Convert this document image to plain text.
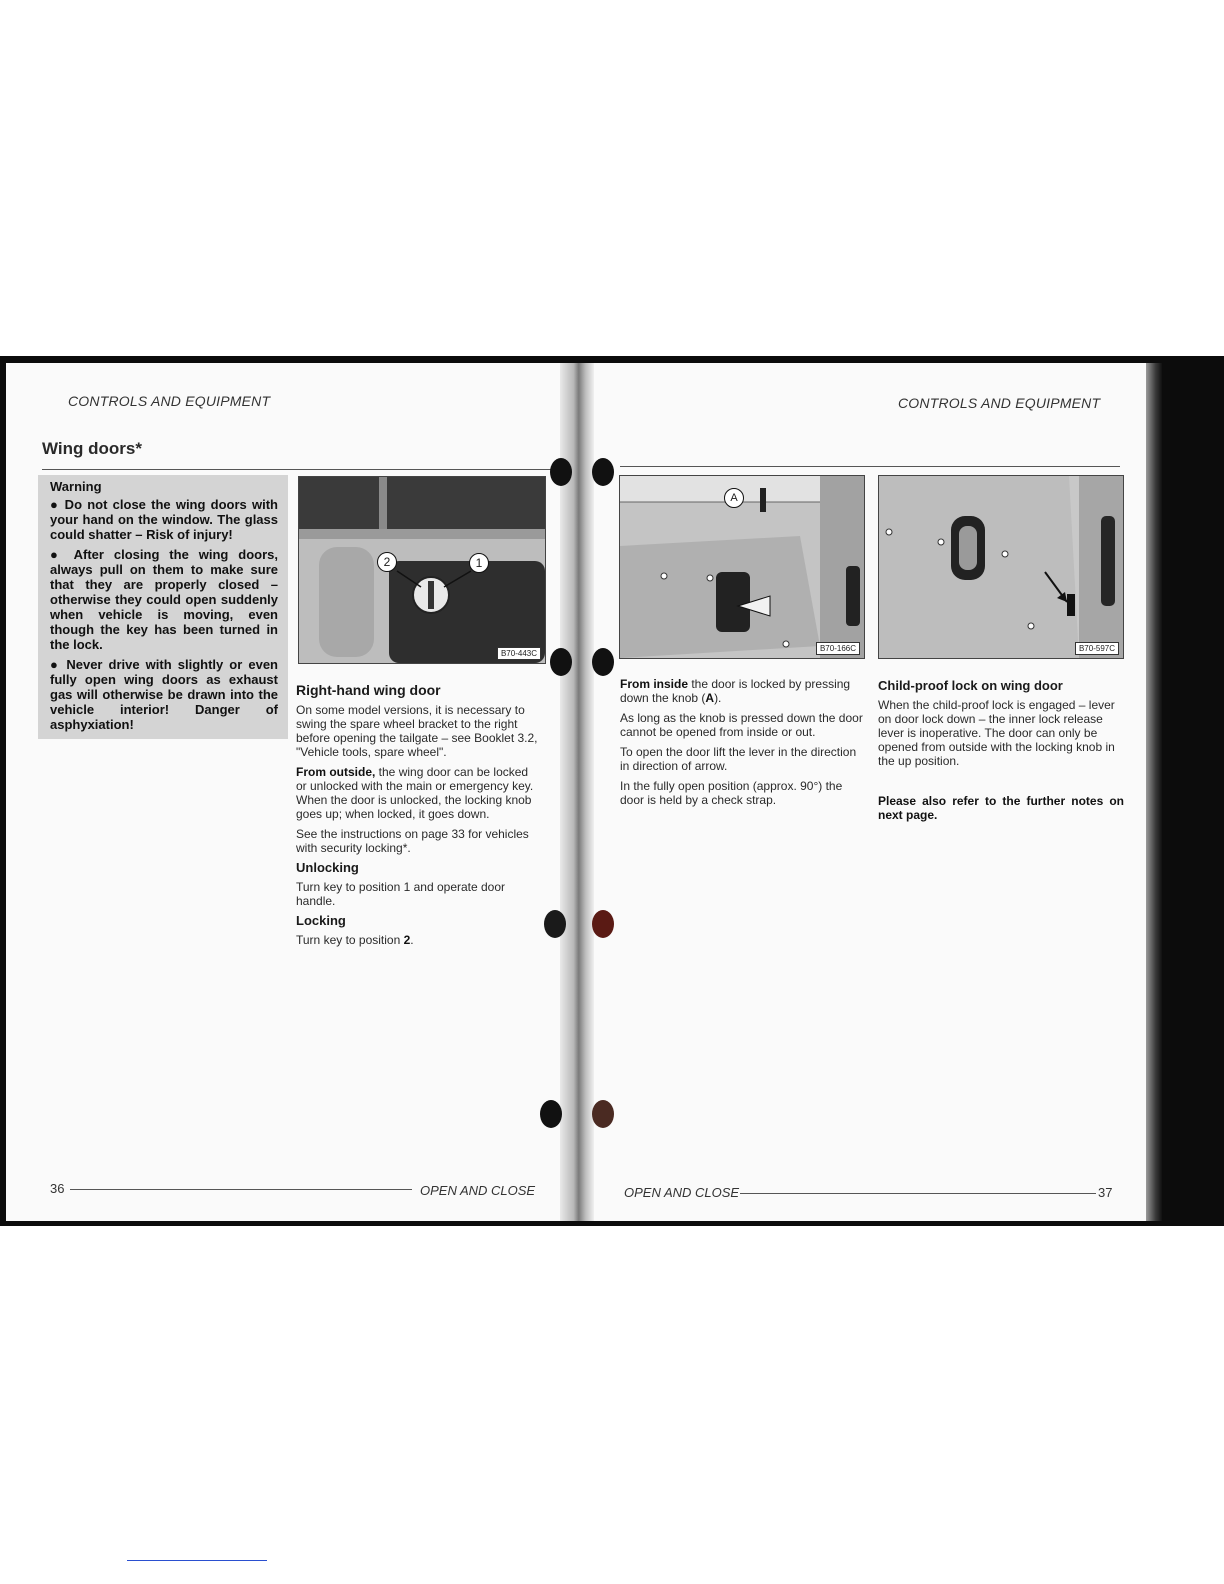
CONTROLS AND EQUIPMENT
Wing doors*
Warning

● Do not close the wing doors with your hand on the window. The glass could shatter – Risk of injury!

● After closing the wing doors, always pull on them to make sure that they are properly closed – otherwise they could open suddenly when vehicle is moving, even though the key has been turned in the lock.

● Never drive with slightly or even fully open wing doors as exhaust gas will otherwise be drawn into the vehicle interior! Danger of asphyxiation!

2	1
B70-443C
Right-hand wing door

On some model versions, it is necessary to swing the spare wheel bracket to the right before opening the tailgate – see Booklet 3.2, "Vehicle tools, spare wheel".

From outside, the wing door can be locked or unlocked with the main or emergency key. When the door is unlocked, the locking knob goes up; when locked, it goes down.

See the instructions on page 33 for vehicles with security locking*.

Unlocking

Turn key to position 1 and operate door handle.

Locking

Turn key to position 2.

36	OPEN AND CLOSE
CONTROLS AND EQUIPMENT
A
B70-166C	B70-597C

From inside the door is locked by pressing down the knob (A).

As long as the knob is pressed down the door cannot be opened from inside or out.

To open the door lift the lever in the direction in direction of arrow.

In the fully open position (approx. 90°) the door is held by a check strap.

Child-proof lock on wing door

When the child-proof lock is engaged – lever on door lock down – the inner lock release lever is inoperative. The door can only be opened from outside with the locking knob in the up position.

Please also refer to the further notes on next page.

OPEN AND CLOSE	37
